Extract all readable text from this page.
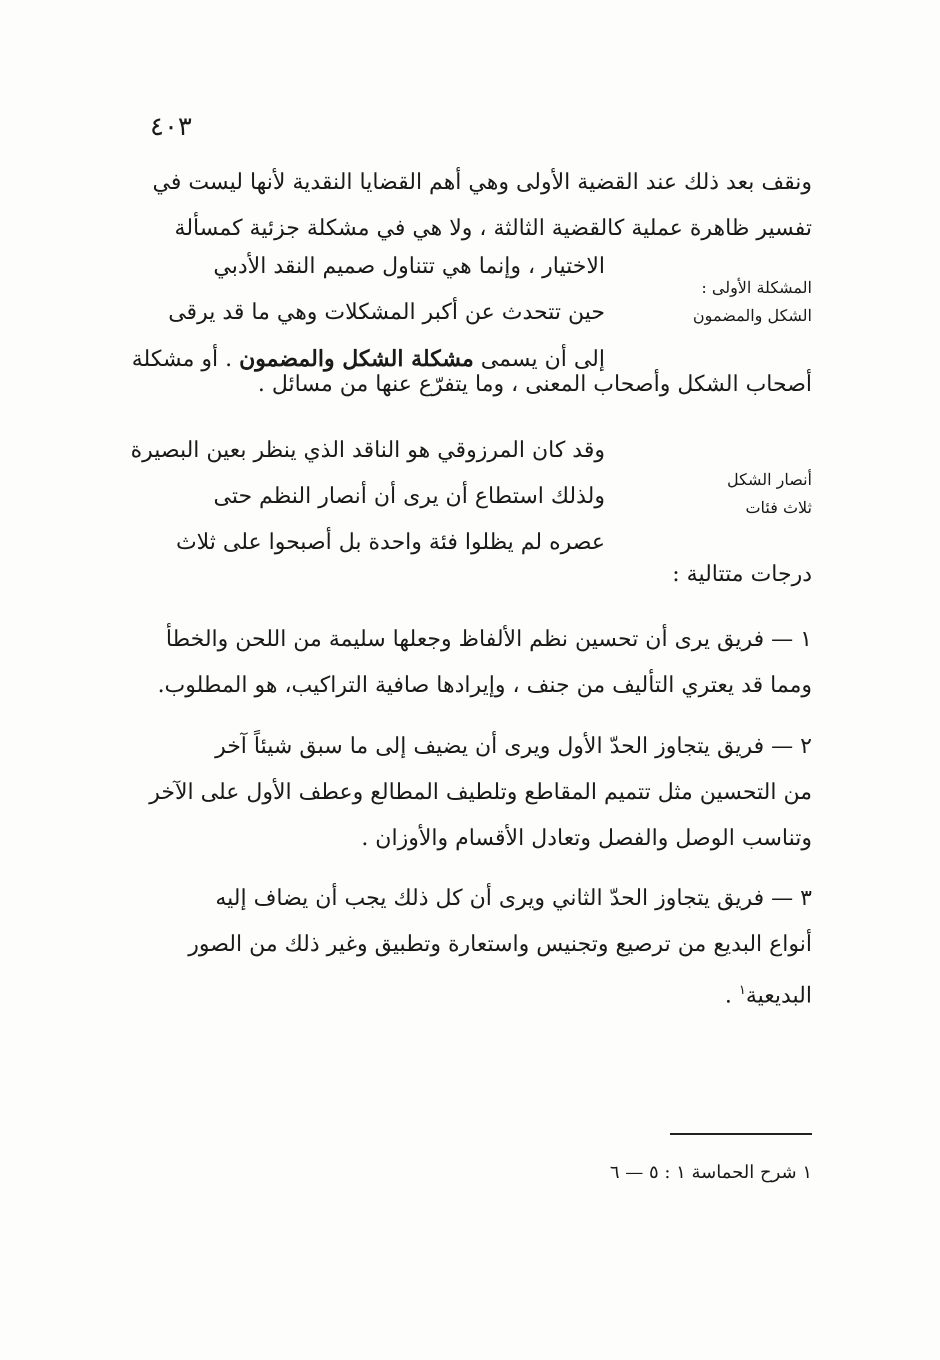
٤٠٣
ونقف بعد ذلك عند القضية الأولى وهي أهم القضايا النقدية لأنها ليست في
تفسير ظاهرة عملية كالقضية الثالثة ، ولا هي في مشكلة جزئية كمسألة
المشكلة الأولى :
الشكل والمضمون
الاختيار ، وإنما هي تتناول صميم النقد الأدبي
حين تتحدث عن أكبر المشكلات وهي ما قد يرقى
إلى أن يسمى مشكلة الشكل والمضمون . أو مشكلة
أصحاب الشكل وأصحاب المعنى ، وما يتفرّع عنها من مسائل .
أنصار الشكل
ثلاث فئات
وقد كان المرزوقي هو الناقد الذي ينظر بعين البصيرة
ولذلك استطاع أن يرى أن أنصار النظم حتى
عصره لم يظلوا فئة واحدة بل أصبحوا على ثلاث
درجات متتالية :
١ — فريق يرى أن تحسين نظم الألفاظ وجعلها سليمة من اللحن والخطأ
ومما قد يعتري التأليف من جنف ، وإيرادها صافية التراكيب، هو المطلوب.
٢ — فريق يتجاوز الحدّ الأول ويرى أن يضيف إلى ما سبق شيئاً آخر
من التحسين مثل تتميم المقاطع وتلطيف المطالع وعطف الأول على الآخر
وتناسب الوصل والفصل وتعادل الأقسام والأوزان .
٣ — فريق يتجاوز الحدّ الثاني ويرى أن كل ذلك يجب أن يضاف إليه
أنواع البديع من ترصيع وتجنيس واستعارة وتطبيق وغير ذلك من الصور
البديعية$^١$ .
١ شرح الحماسة ١ : ٥ — ٦
